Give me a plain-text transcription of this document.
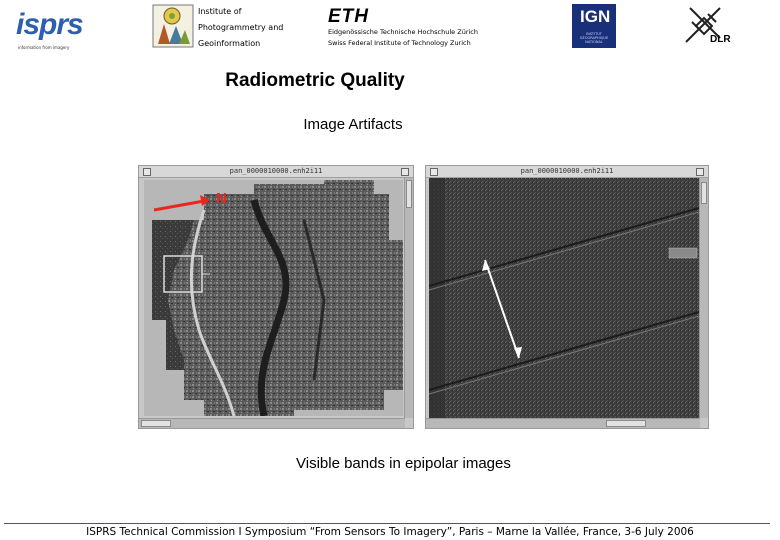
isprs
information from imagery
Institute of
Photogrammetry and
Geoinformation
ETH
Eidgenössische Technische Hochschule Zürich
Swiss Federal Institute of Technology Zurich
IGN
INSTITUT GÉOGRAPHIQUE NATIONAL	DLR
Radiometric Quality
Image Artifacts
pan_0000010000.enh2i11
N
pan_0000010000.enh2i11
Visible bands in epipolar images
ISPRS Technical Commission I Symposium “From Sensors To Imagery”, Paris – Marne la Vallée, France, 3-6 July 2006
